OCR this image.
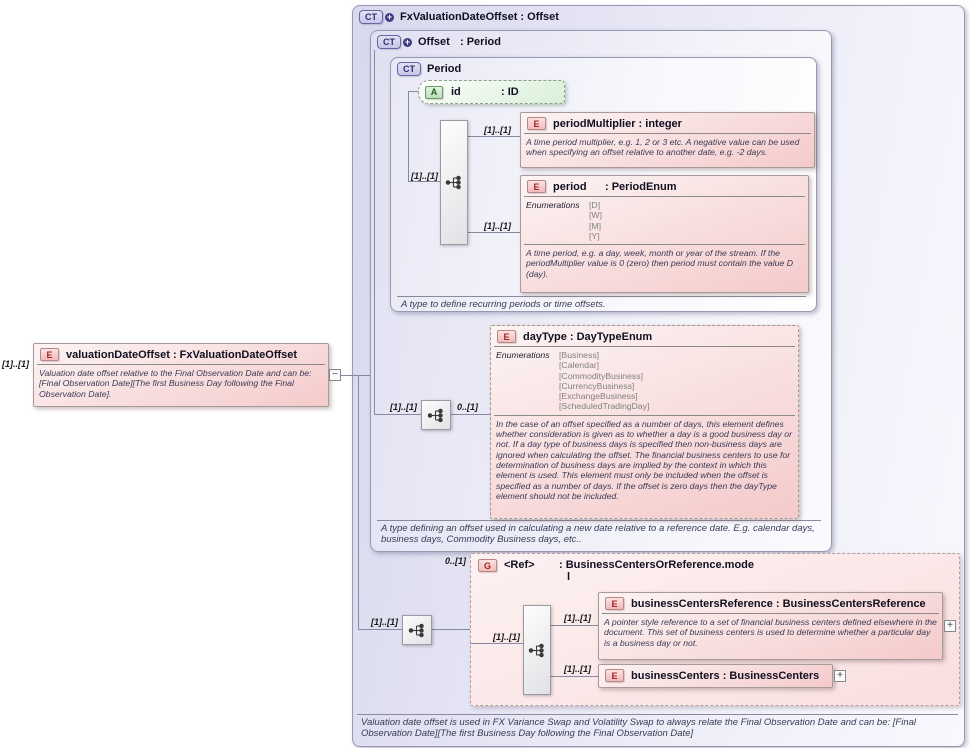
CT	+ FxValuationDateOffset : Offset
Valuation date offset is used in FX Variance Swap and Volatility Swap to always relate the Final Observation Date and can be: [Final Observation Date][The first Business Day following the Final Observation Date]
CT	+ Offset : Period
A type defining an offset used in calculating a new date relative to a reference date. E.g. calendar days, business days, Commodity Business days, etc..
CT	Period
A type to define recurring periods or time offsets.
A	id	: ID
E	periodMultiplier : integer
A time period multiplier, e.g. 1, 2 or 3 etc. A negative value can be used when specifying an offset relative to another date, e.g. -2 days.
E	period : PeriodEnum
Enumerations	[D]
[W]
[M]
[Y]
A time period, e.g. a day, week, month or year of the stream. If the periodMultiplier value is 0 (zero) then period must contain the value D (day).
E	dayType : DayTypeEnum
Enumerations	[Business]
[Calendar]
[CommodityBusiness]
[CurrencyBusiness]
[ExchangeBusiness]
[ScheduledTradingDay]
In the case of an offset specified as a number of days, this element defines whether consideration is given as to whether a day is a good business day or not. If a day type of business days is specified then non-business days are ignored when calculating the offset. The financial business centers to use for determination of business days are implied by the context in which this element is used. This element must only be included when the offset is specified as a number of days. If the offset is zero days then the dayType element should not be included.
G	<Ref> : BusinessCentersOrReference.mode
l
E	businessCentersReference : BusinessCentersReference
A pointer style reference to a set of financial business centers defined elsewhere in the document. This set of business centers is used to determine whether a particular day is a business day or not.
+
E	businessCenters : BusinessCenters	+
E	valuationDateOffset : FxValuationDateOffset
Valuation date offset relative to the Final Observation Date and can be: [Final Observation Date][The first Business Day following the Final Observation Date].
−
[1]..[1]
[1]..[1]
[1]..[1]
[1]..[1]
[1]..[1]	0..[1]
[1]..[1]
0..[1]
[1]..[1]
[1]..[1]
[1]..[1]
